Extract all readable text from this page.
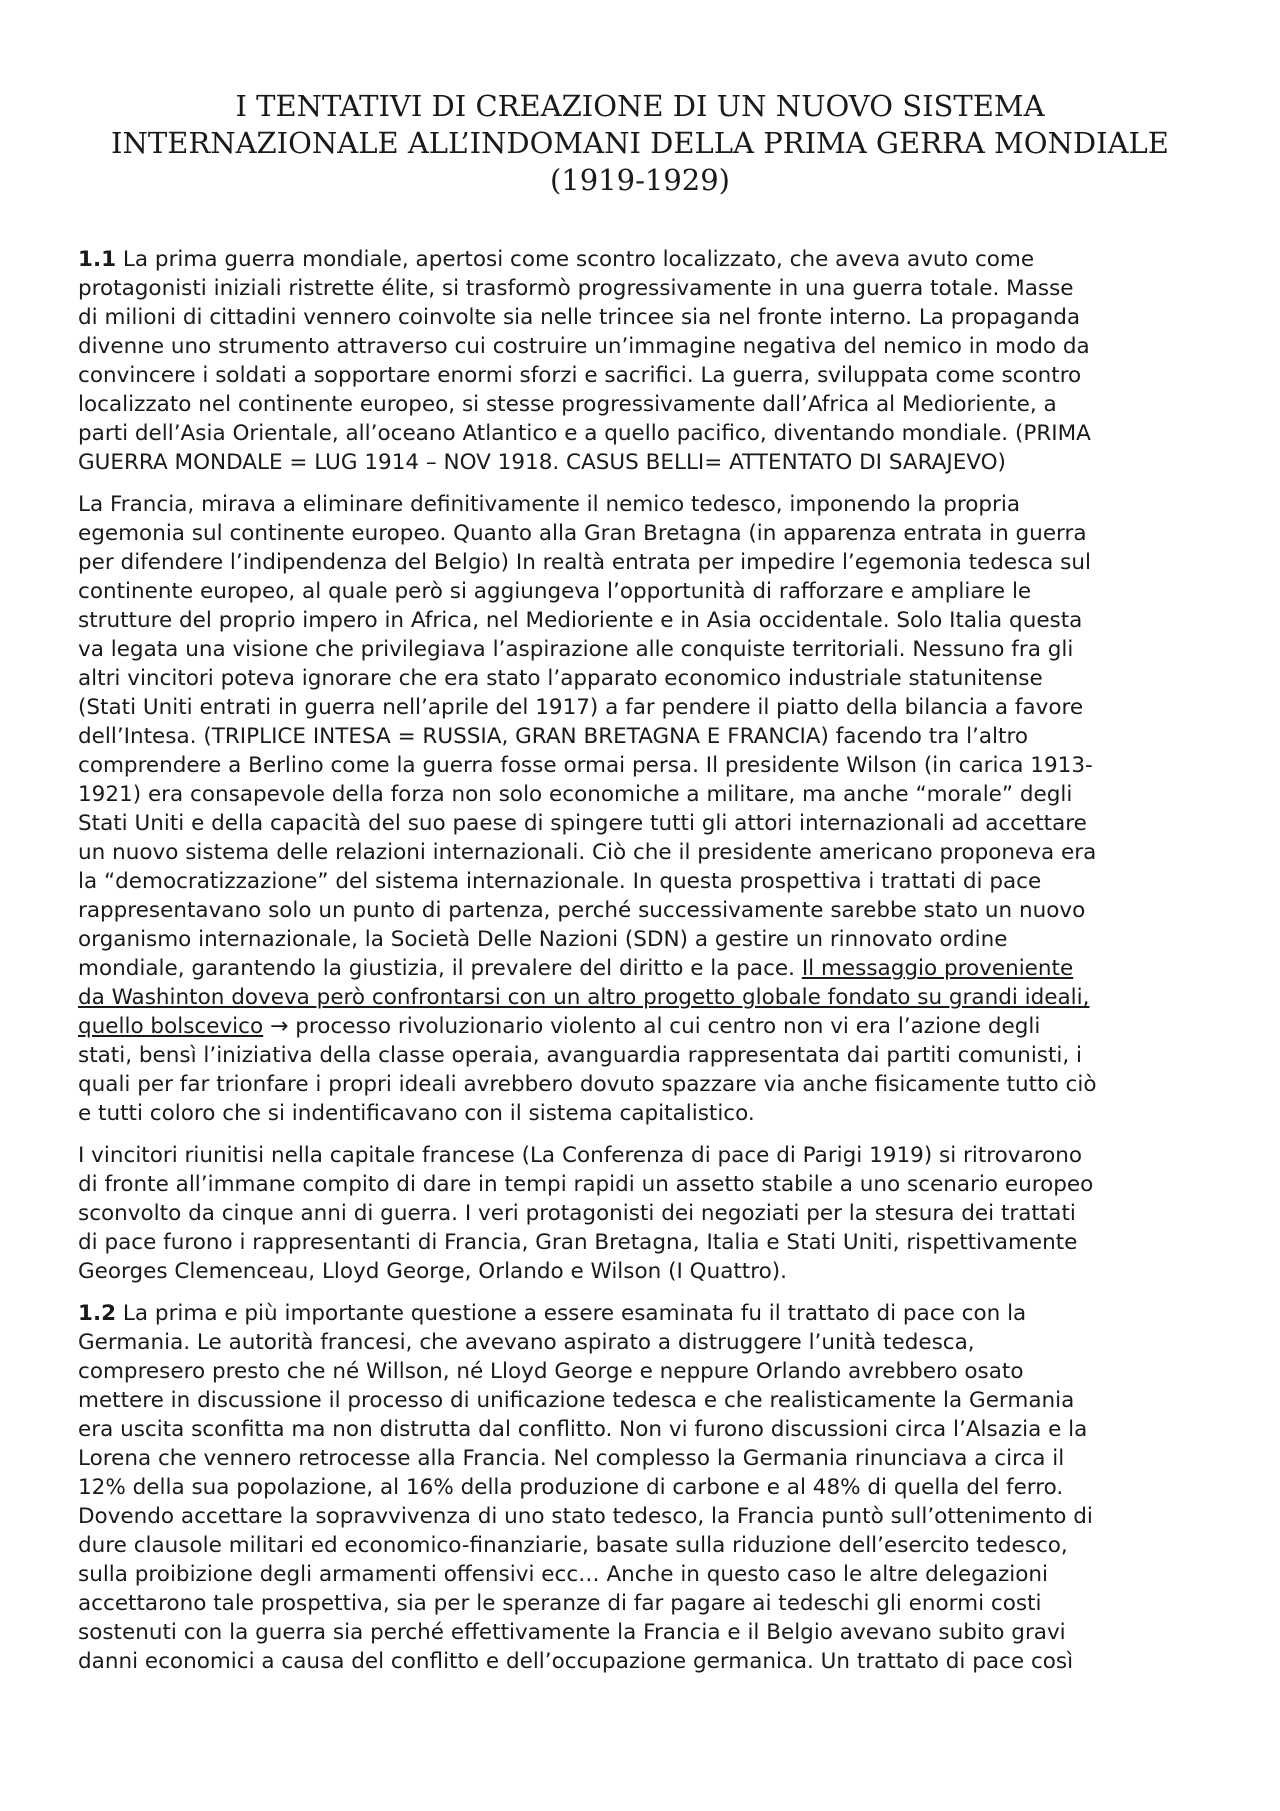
I TENTATIVI DI CREAZIONE DI UN NUOVO SISTEMA
INTERNAZIONALE ALL’INDOMANI DELLA PRIMA GERRA MONDIALE
(1919-1929)

1.1 La prima guerra mondiale, apertosi come scontro localizzato, che aveva avuto come
protagonisti iniziali ristrette élite, si trasformò progressivamente in una guerra totale. Masse
di milioni di cittadini vennero coinvolte sia nelle trincee sia nel fronte interno. La propaganda
divenne uno strumento attraverso cui costruire un’immagine negativa del nemico in modo da
convincere i soldati a sopportare enormi sforzi e sacrifici. La guerra, sviluppata come scontro
localizzato nel continente europeo, si stesse progressivamente dall’Africa al Medioriente, a
parti dell’Asia Orientale, all’oceano Atlantico e a quello pacifico, diventando mondiale. (PRIMA
GUERRA MONDALE = LUG 1914 – NOV 1918. CASUS BELLI= ATTENTATO DI SARAJEVO)

La Francia, mirava a eliminare definitivamente il nemico tedesco, imponendo la propria
egemonia sul continente europeo. Quanto alla Gran Bretagna (in apparenza entrata in guerra
per difendere l’indipendenza del Belgio) In realtà entrata per impedire l’egemonia tedesca sul
continente europeo, al quale però si aggiungeva l’opportunità di rafforzare e ampliare le
strutture del proprio impero in Africa, nel Medioriente e in Asia occidentale. Solo Italia questa
va legata una visione che privilegiava l’aspirazione alle conquiste territoriali. Nessuno fra gli
altri vincitori poteva ignorare che era stato l’apparato economico industriale statunitense
(Stati Uniti entrati in guerra nell’aprile del 1917) a far pendere il piatto della bilancia a favore
dell’Intesa. (TRIPLICE INTESA = RUSSIA, GRAN BRETAGNA E FRANCIA) facendo tra l’altro
comprendere a Berlino come la guerra fosse ormai persa. Il presidente Wilson (in carica 1913-
1921) era consapevole della forza non solo economiche a militare, ma anche “morale” degli
Stati Uniti e della capacità del suo paese di spingere tutti gli attori internazionali ad accettare
un nuovo sistema delle relazioni internazionali. Ciò che il presidente americano proponeva era
la “democratizzazione” del sistema internazionale. In questa prospettiva i trattati di pace
rappresentavano solo un punto di partenza, perché successivamente sarebbe stato un nuovo
organismo internazionale, la Società Delle Nazioni (SDN) a gestire un rinnovato ordine
mondiale, garantendo la giustizia, il prevalere del diritto e la pace. Il messaggio proveniente
da Washinton doveva però confrontarsi con un altro progetto globale fondato su grandi ideali,
quello bolscevico → processo rivoluzionario violento al cui centro non vi era l’azione degli
stati, bensì l’iniziativa della classe operaia, avanguardia rappresentata dai partiti comunisti, i
quali per far trionfare i propri ideali avrebbero dovuto spazzare via anche fisicamente tutto ciò
e tutti coloro che si indentificavano con il sistema capitalistico.

I vincitori riunitisi nella capitale francese (La Conferenza di pace di Parigi 1919) si ritrovarono
di fronte all’immane compito di dare in tempi rapidi un assetto stabile a uno scenario europeo
sconvolto da cinque anni di guerra. I veri protagonisti dei negoziati per la stesura dei trattati
di pace furono i rappresentanti di Francia, Gran Bretagna, Italia e Stati Uniti, rispettivamente
Georges Clemenceau, Lloyd George, Orlando e Wilson (I Quattro).

1.2 La prima e più importante questione a essere esaminata fu il trattato di pace con la
Germania. Le autorità francesi, che avevano aspirato a distruggere l’unità tedesca,
compresero presto che né Willson, né Lloyd George e neppure Orlando avrebbero osato
mettere in discussione il processo di unificazione tedesca e che realisticamente la Germania
era uscita sconfitta ma non distrutta dal conflitto. Non vi furono discussioni circa l’Alsazia e la
Lorena che vennero retrocesse alla Francia. Nel complesso la Germania rinunciava a circa il
12% della sua popolazione, al 16% della produzione di carbone e al 48% di quella del ferro.
Dovendo accettare la sopravvivenza di uno stato tedesco, la Francia puntò sull’ottenimento di
dure clausole militari ed economico-finanziarie, basate sulla riduzione dell’esercito tedesco,
sulla proibizione degli armamenti offensivi ecc… Anche in questo caso le altre delegazioni
accettarono tale prospettiva, sia per le speranze di far pagare ai tedeschi gli enormi costi
sostenuti con la guerra sia perché effettivamente la Francia e il Belgio avevano subito gravi
danni economici a causa del conflitto e dell’occupazione germanica. Un trattato di pace così
